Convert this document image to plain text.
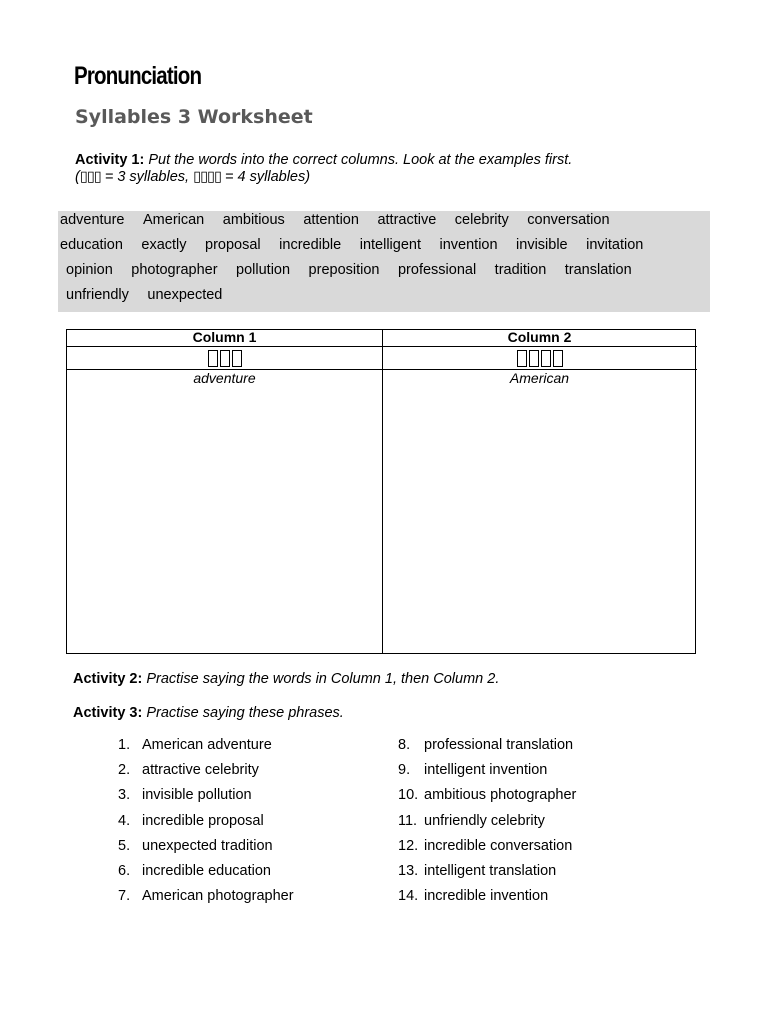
Pronunciation
Syllables 3 Worksheet
Activity 1: Put the words into the correct columns. Look at the examples first.
(▯▯▯ = 3 syllables, ▯▯▯▯ = 4 syllables)
adventure American ambitious attention attractive celebrity conversation
education exactly proposal incredible intelligent invention invisible invitation
opinion photographer pollution preposition professional tradition translation
unfriendly unexpected
Column 1
adventure
Column 2
American
Activity 2: Practise saying the words in Column 1, then Column 2.
Activity 3: Practise saying these phrases.
1. American adventure
2. attractive celebrity
3. invisible pollution
4. incredible proposal
5. unexpected tradition
6. incredible education
7. American photographer
8. professional translation
9. intelligent invention
10. ambitious photographer
11. unfriendly celebrity
12. incredible conversation
13. intelligent translation
14. incredible invention
